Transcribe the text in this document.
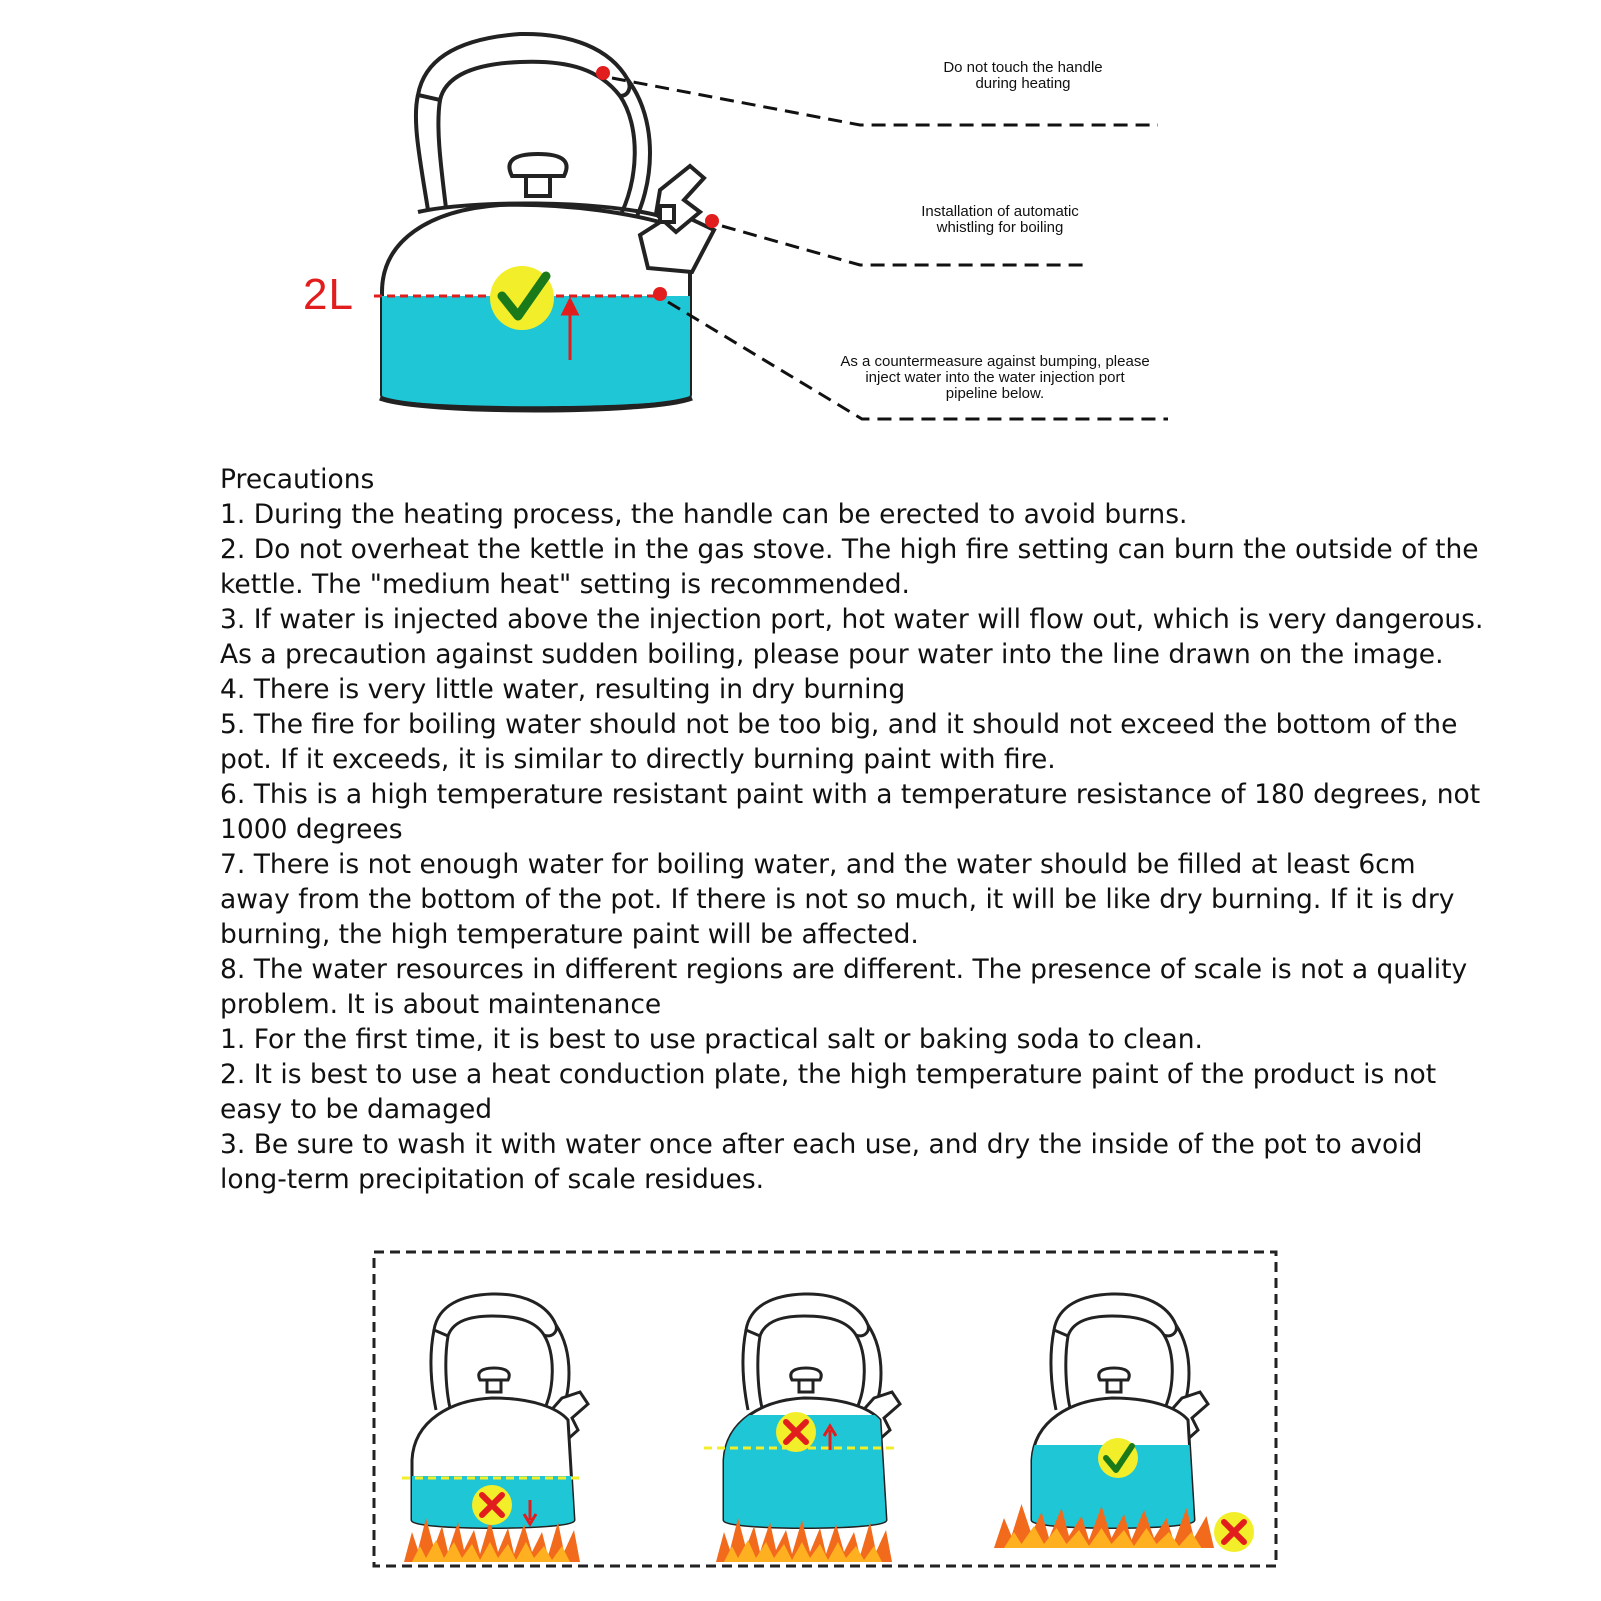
2L
Do not touch the handle
during heating
Installation of automatic
whistling for boiling
As a countermeasure against bumping, please
inject water into the water injection port
pipeline below.

Precautions

1. During the heating process, the handle can be erected to avoid burns.

2. Do not overheat the kettle in the gas stove. The high fire setting can burn the outside of the kettle. The "medium heat" setting is recommended.

3. If water is injected above the injection port, hot water will flow out, which is very dangerous. As a precaution against sudden boiling, please pour water into the line drawn on the image.

4. There is very little water, resulting in dry burning

5. The fire for boiling water should not be too big, and it should not exceed the bottom of the pot. If it exceeds, it is similar to directly burning paint with fire.

6. This is a high temperature resistant paint with a temperature resistance of 180 degrees, not 1000 degrees

7. There is not enough water for boiling water, and the water should be filled at least 6cm away from the bottom of the pot. If there is not so much, it will be like dry burning. If it is dry burning, the high temperature paint will be affected.

8. The water resources in different regions are different. The presence of scale is not a quality problem. It is about maintenance

1. For the first time, it is best to use practical salt or baking soda to clean.

2. It is best to use a heat conduction plate, the high temperature paint of the product is not easy to be damaged

3. Be sure to wash it with water once after each use, and dry the inside of the pot to avoid long-term precipitation of scale residues.
